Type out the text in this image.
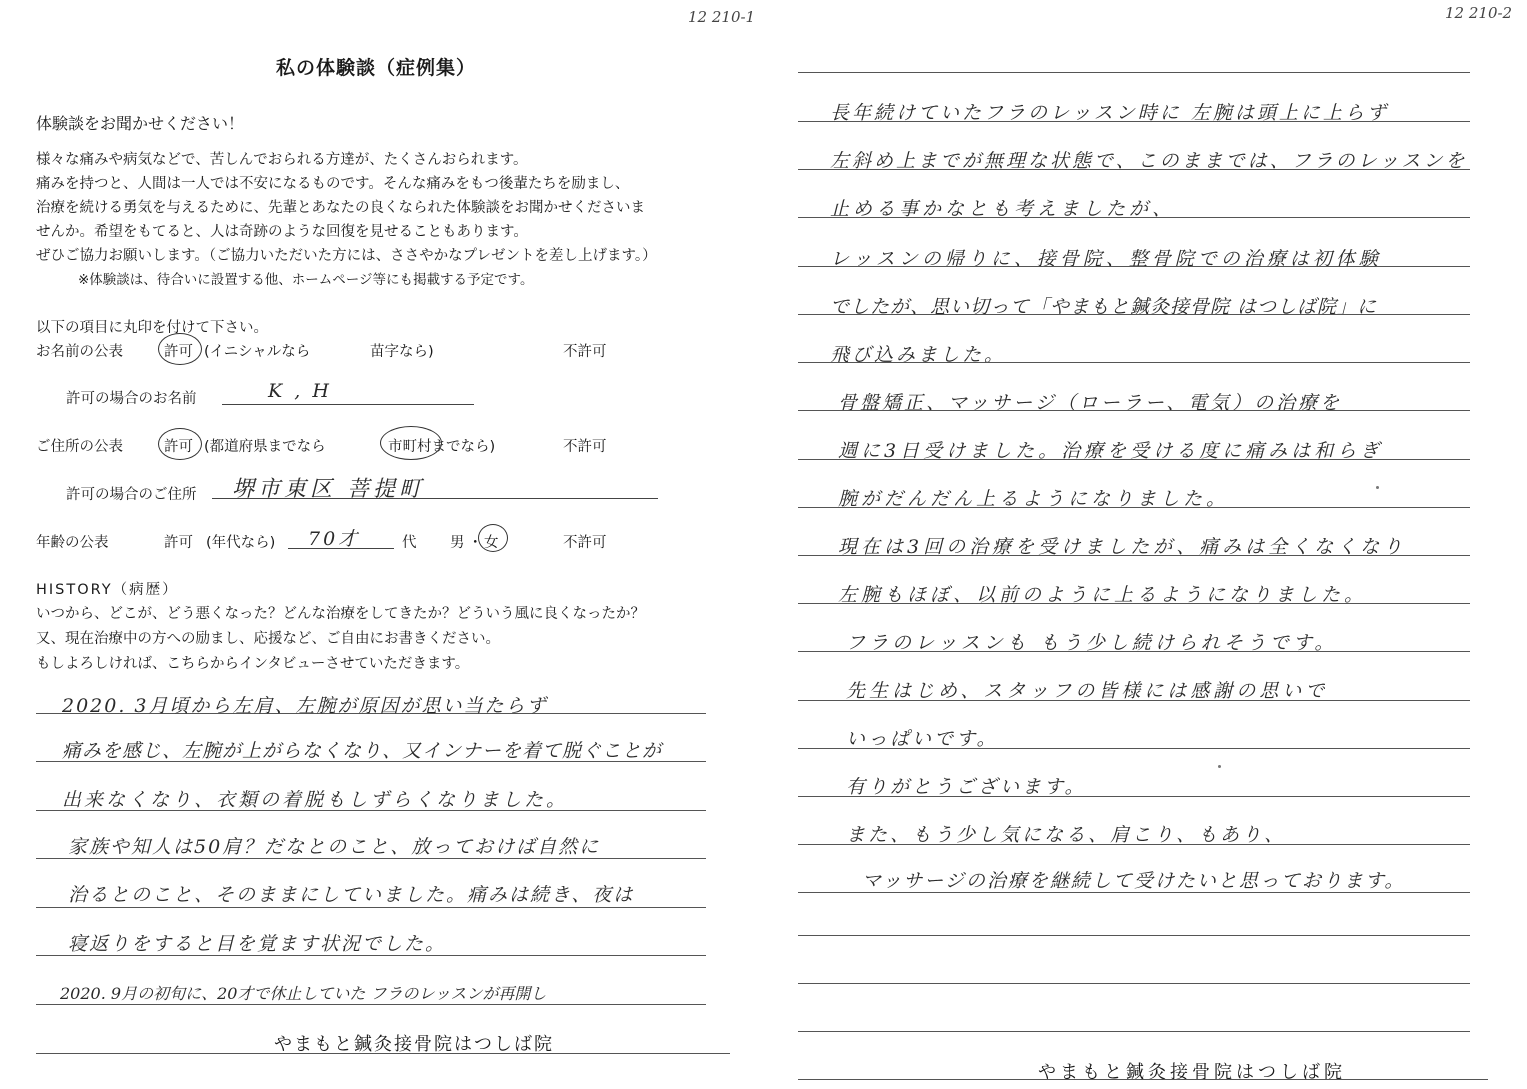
12 210-1
私の体験談（症例集）
体験談をお聞かせください！
様々な痛みや病気などで、苦しんでおられる方達が、たくさんおられます。
痛みを持つと、人間は一人では不安になるものです。そんな痛みをもつ後輩たちを励まし、
治療を続ける勇気を与えるために、先輩とあなたの良くなられた体験談をお聞かせくださいま
せんか。希望をもてると、人は奇跡のような回復を見せることもあります。
ぜひご協力お願いします。（ご協力いただいた方には、ささやかなプレゼントを差し上げます。）
※体験談は、待合いに設置する他、ホームページ等にも掲載する予定です。
以下の項目に丸印を付けて下さい。
お名前の公表	許可 (イニシャルなら	苗字なら)	不許可
許可の場合のお名前	K , H
ご住所の公表	許可 (都道府県までなら	市町村までなら)	不許可
許可の場合のご住所 堺市東区 菩提町
年齢の公表	許可 (年代なら) 70才	代 男 ・ 女	不許可
HISTORY（病歴）
いつから、どこが、どう悪くなった？どんな治療をしてきたか？どういう風に良くなったか？
又、現在治療中の方への励まし、応援など、ご自由にお書きください。
もしよろしければ、こちらからインタビューさせていただきます。
2020. 3月頃から左肩、左腕が原因が思い当たらず
痛みを感じ、左腕が上がらなくなり、又インナーを着て脱ぐことが
出来なくなり、衣類の着脱もしずらくなりました。
家族や知人は50肩？だなとのこと、放っておけば自然に
治るとのこと、そのままにしていました。痛みは続き、夜は
寝返りをすると目を覚ます状況でした。
2020. 9月の初旬に、20才で休止していた フラのレッスンが再開し
やまもと鍼灸接骨院はつしば院
12 210-2
長年続けていたフラのレッスン時に 左腕は頭上に上らず
左斜め上までが無理な状態で、このままでは、フラのレッスンを
止める事かなとも考えましたが、
レッスンの帰りに、接骨院、整骨院での治療は初体験
でしたが、思い切って「やまもと鍼灸接骨院 はつしば院」に
飛び込みました。
骨盤矯正、マッサージ（ローラー、電気）の治療を
週に3日受けました。治療を受ける度に痛みは和らぎ
腕がだんだん上るようになりました。
現在は3回の治療を受けましたが、痛みは全くなくなり
左腕もほぼ、以前のように上るようになりました。
フラのレッスンも もう少し続けられそうです。
先生はじめ、スタッフの皆様には感謝の思いで
いっぱいです。
有りがとうございます。
また、もう少し気になる、肩こり、もあり、
マッサージの治療を継続して受けたいと思っております。
やまもと鍼灸接骨院はつしば院
